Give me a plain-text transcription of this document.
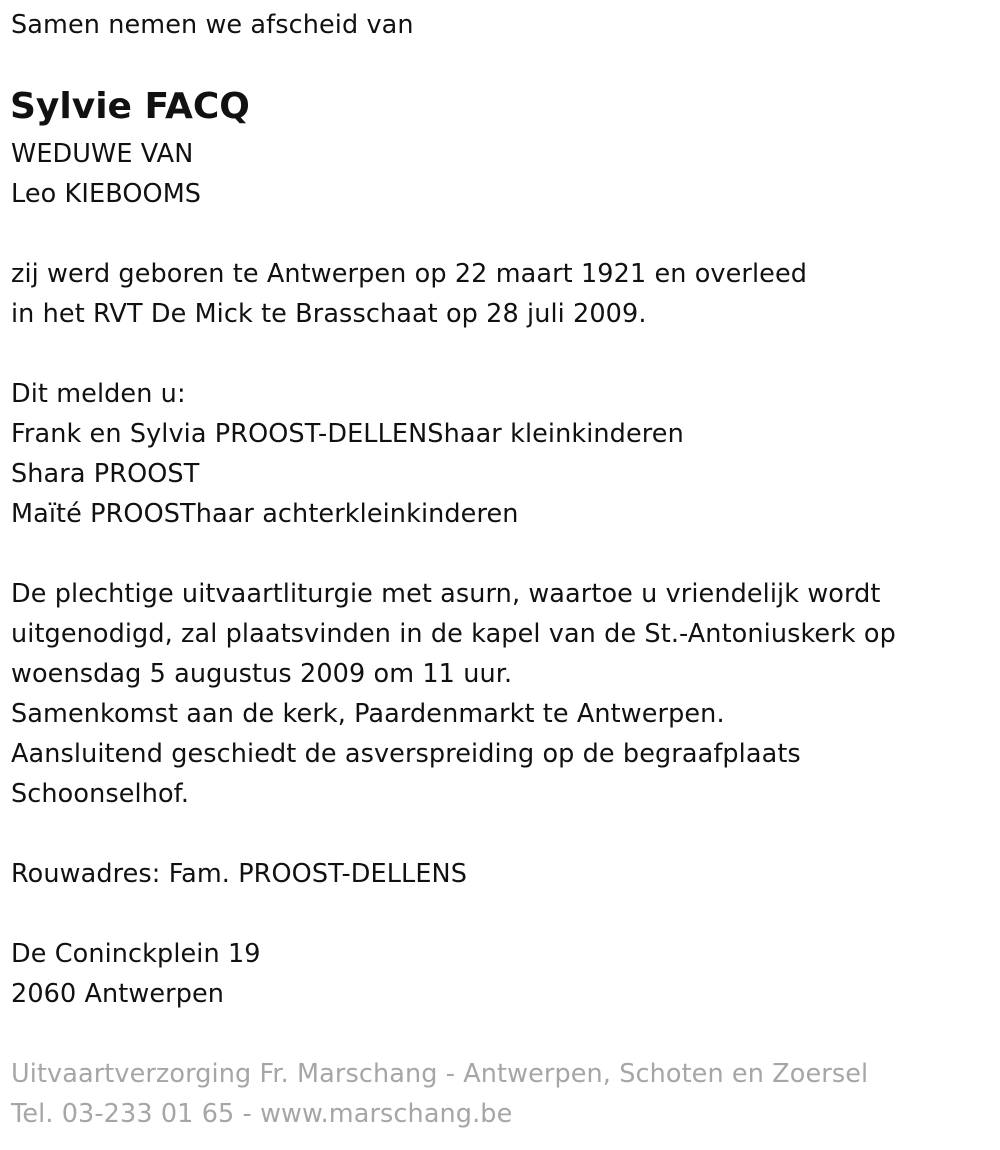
Samen nemen we afscheid van
Sylvie FACQ
WEDUWE VAN
Leo KIEBOOMS
zij werd geboren te Antwerpen op 22 maart 1921 en overleed
in het RVT De Mick te Brasschaat op 28 juli 2009.
Dit melden u:
Frank en Sylvia PROOST-DELLENShaar kleinkinderen
Shara PROOST
Maïté PROOSThaar achterkleinkinderen
De plechtige uitvaartliturgie met asurn, waartoe u vriendelijk wordt
uitgenodigd, zal plaatsvinden in de kapel van de St.-Antoniuskerk op
woensdag 5 augustus 2009 om 11 uur.
Samenkomst aan de kerk, Paardenmarkt te Antwerpen.
Aansluitend geschiedt de asverspreiding op de begraafplaats
Schoonselhof.
Rouwadres: Fam. PROOST-DELLENS
De Coninckplein 19
2060 Antwerpen
Uitvaartverzorging Fr. Marschang - Antwerpen, Schoten en Zoersel
Tel. 03-233 01 65 - www.marschang.be
